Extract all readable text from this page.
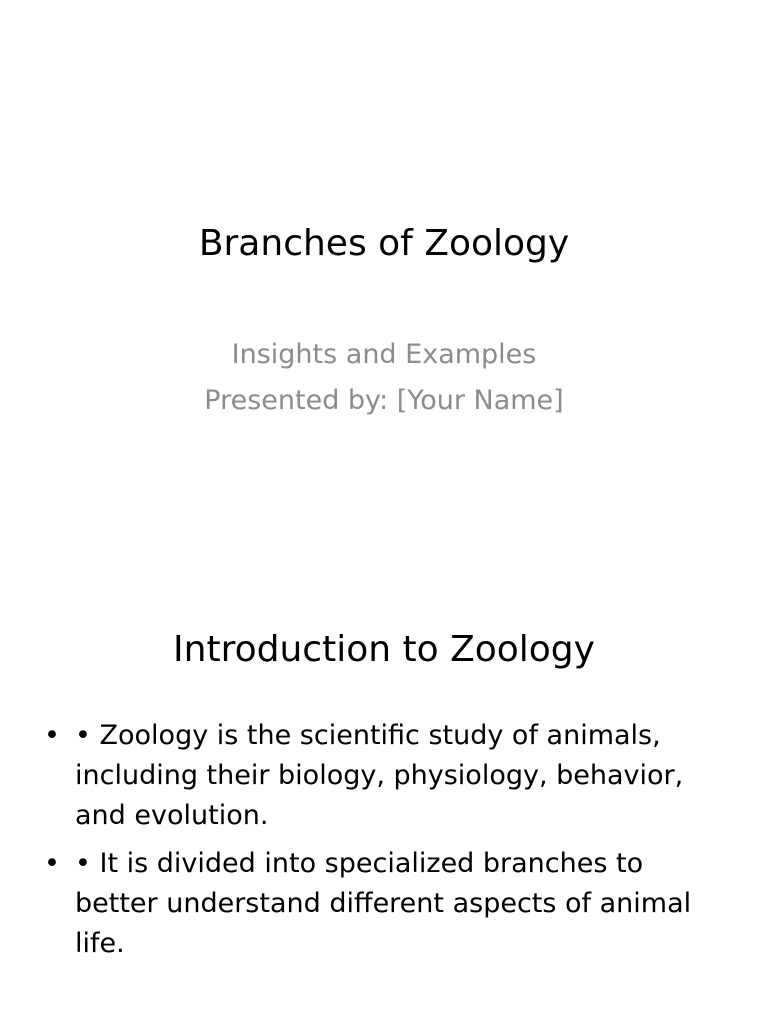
Branches of Zoology
Insights and Examples
Presented by: [Your Name]
Introduction to Zoology
• • Zoology is the scientific study of animals, including their biology, physiology, behavior, and evolution.
• • It is divided into specialized branches to better understand different aspects of animal life.
